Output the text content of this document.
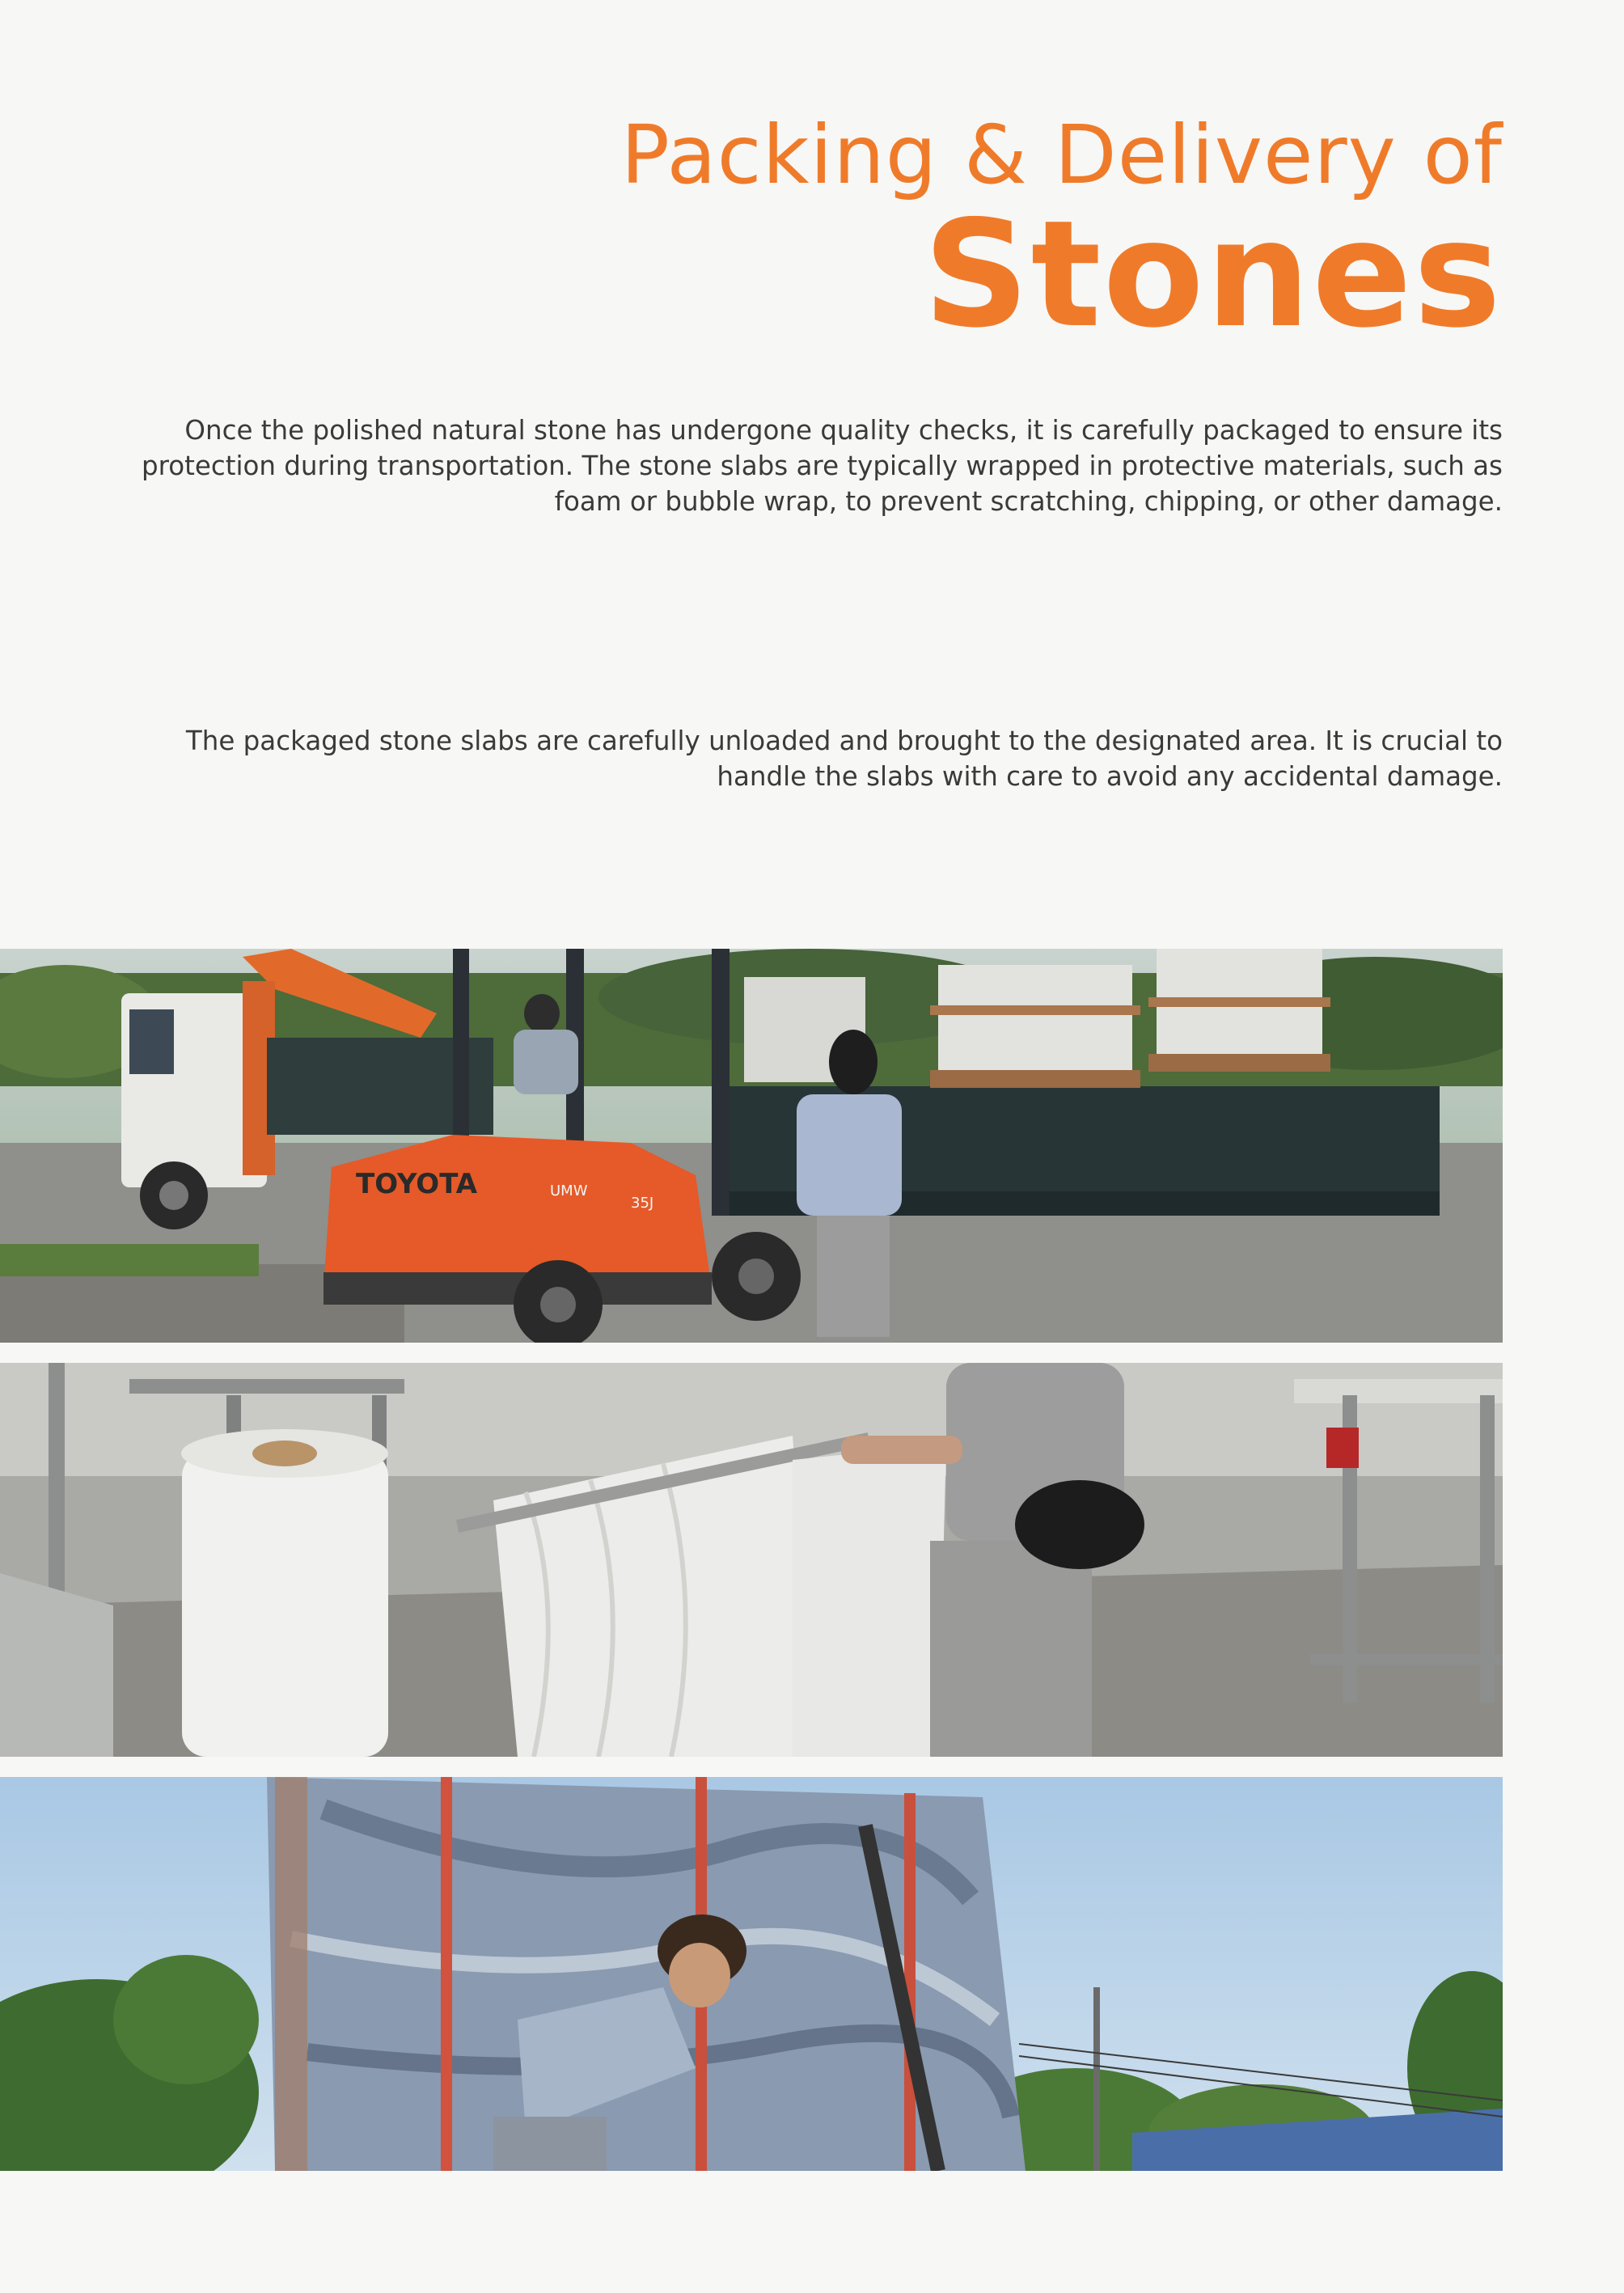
Packing & Delivery of
Stones

Once the polished natural stone has undergone quality checks, it is carefully packaged to ensure its protection during transportation. The stone slabs are typically wrapped in protective materials, such as foam or bubble wrap, to prevent scratching, chipping, or other damage.

The packaged stone slabs are carefully unloaded and brought to the designated area. It is crucial to handle the slabs with care to avoid any accidental damage.

TOYOTA	UMW
35J
